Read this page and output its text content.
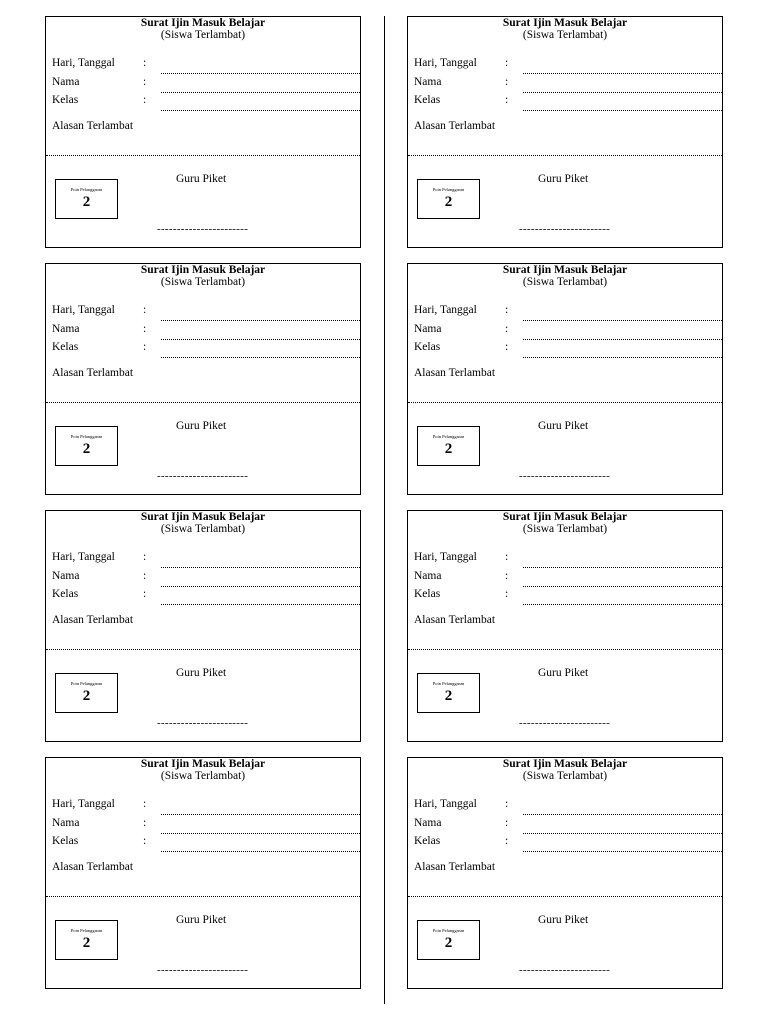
Surat Ijin Masuk Belajar
(Siswa Terlambat)
Hari, Tanggal :
Nama	:
Kelas	:
Alasan Terlambat
Poin Pelanggaran
2
Guru Piket
-----------------------
Surat Ijin Masuk Belajar
(Siswa Terlambat)
Hari, Tanggal :
Nama	:
Kelas	:
Alasan Terlambat
Poin Pelanggaran
2
Guru Piket
-----------------------
Surat Ijin Masuk Belajar
(Siswa Terlambat)
Hari, Tanggal :
Nama	:
Kelas	:
Alasan Terlambat
Poin Pelanggaran
2
Guru Piket
-----------------------
Surat Ijin Masuk Belajar
(Siswa Terlambat)
Hari, Tanggal :
Nama	:
Kelas	:
Alasan Terlambat
Poin Pelanggaran
2
Guru Piket
-----------------------
Surat Ijin Masuk Belajar
(Siswa Terlambat)
Hari, Tanggal :
Nama	:
Kelas	:
Alasan Terlambat
Poin Pelanggaran
2
Guru Piket
-----------------------
Surat Ijin Masuk Belajar
(Siswa Terlambat)
Hari, Tanggal :
Nama	:
Kelas	:
Alasan Terlambat
Poin Pelanggaran
2
Guru Piket
-----------------------
Surat Ijin Masuk Belajar
(Siswa Terlambat)
Hari, Tanggal :
Nama	:
Kelas	:
Alasan Terlambat
Poin Pelanggaran
2
Guru Piket
-----------------------
Surat Ijin Masuk Belajar
(Siswa Terlambat)
Hari, Tanggal :
Nama	:
Kelas	:
Alasan Terlambat
Poin Pelanggaran
2
Guru Piket
-----------------------
